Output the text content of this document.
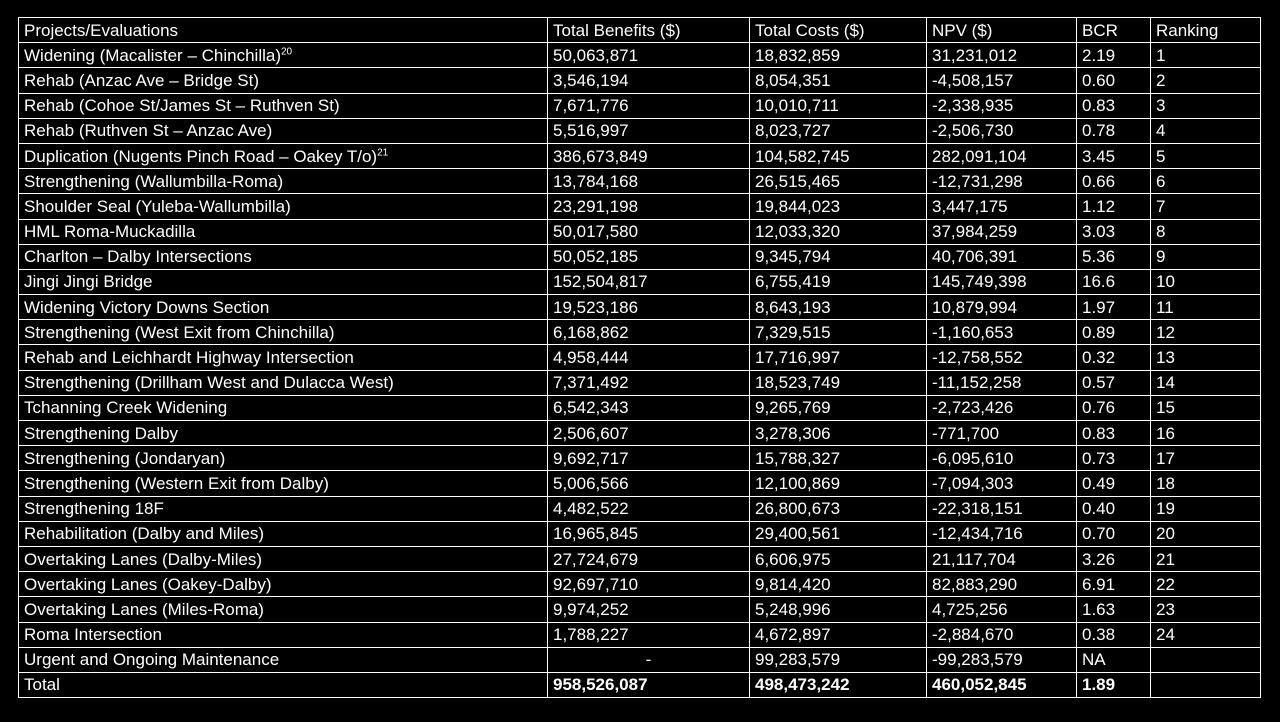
Projects/Evaluations	Total Benefits ($)	Total Costs ($)	NPV ($)	BCR	Ranking
Widening (Macalister – Chinchilla)$^{20}$	50,063,871	18,832,859	31,231,012	2.19	1
Rehab (Anzac Ave – Bridge St)	3,546,194	8,054,351	-4,508,157	0.60	2
Rehab (Cohoe St/James St – Ruthven St)	7,671,776	10,010,711	-2,338,935	0.83	3
Rehab (Ruthven St – Anzac Ave)	5,516,997	8,023,727	-2,506,730	0.78	4
Duplication (Nugents Pinch Road – Oakey T/o)$^{21}$	386,673,849	104,582,745	282,091,104	3.45	5
Strengthening (Wallumbilla-Roma)	13,784,168	26,515,465	-12,731,298	0.66	6
Shoulder Seal (Yuleba-Wallumbilla)	23,291,198	19,844,023	3,447,175	1.12	7
HML Roma-Muckadilla	50,017,580	12,033,320	37,984,259	3.03	8
Charlton – Dalby Intersections	50,052,185	9,345,794	40,706,391	5.36	9
Jingi Jingi Bridge	152,504,817	6,755,419	145,749,398	16.6	10
Widening Victory Downs Section	19,523,186	8,643,193	10,879,994	1.97	11
Strengthening (West Exit from Chinchilla)	6,168,862	7,329,515	-1,160,653	0.89	12
Rehab and Leichhardt Highway Intersection	4,958,444	17,716,997	-12,758,552	0.32	13
Strengthening (Drillham West and Dulacca West)	7,371,492	18,523,749	-11,152,258	0.57	14
Tchanning Creek Widening	6,542,343	9,265,769	-2,723,426	0.76	15
Strengthening Dalby	2,506,607	3,278,306	-771,700	0.83	16
Strengthening (Jondaryan)	9,692,717	15,788,327	-6,095,610	0.73	17
Strengthening (Western Exit from Dalby)	5,006,566	12,100,869	-7,094,303	0.49	18
Strengthening 18F	4,482,522	26,800,673	-22,318,151	0.40	19
Rehabilitation (Dalby and Miles)	16,965,845	29,400,561	-12,434,716	0.70	20
Overtaking Lanes (Dalby-Miles)	27,724,679	6,606,975	21,117,704	3.26	21
Overtaking Lanes (Oakey-Dalby)	92,697,710	9,814,420	82,883,290	6.91	22
Overtaking Lanes (Miles-Roma)	9,974,252	5,248,996	4,725,256	1.63	23
Roma Intersection	1,788,227	4,672,897	-2,884,670	0.38	24
Urgent and Ongoing Maintenance	-	99,283,579	-99,283,579	NA	
Total	958,526,087	498,473,242	460,052,845	1.89	
